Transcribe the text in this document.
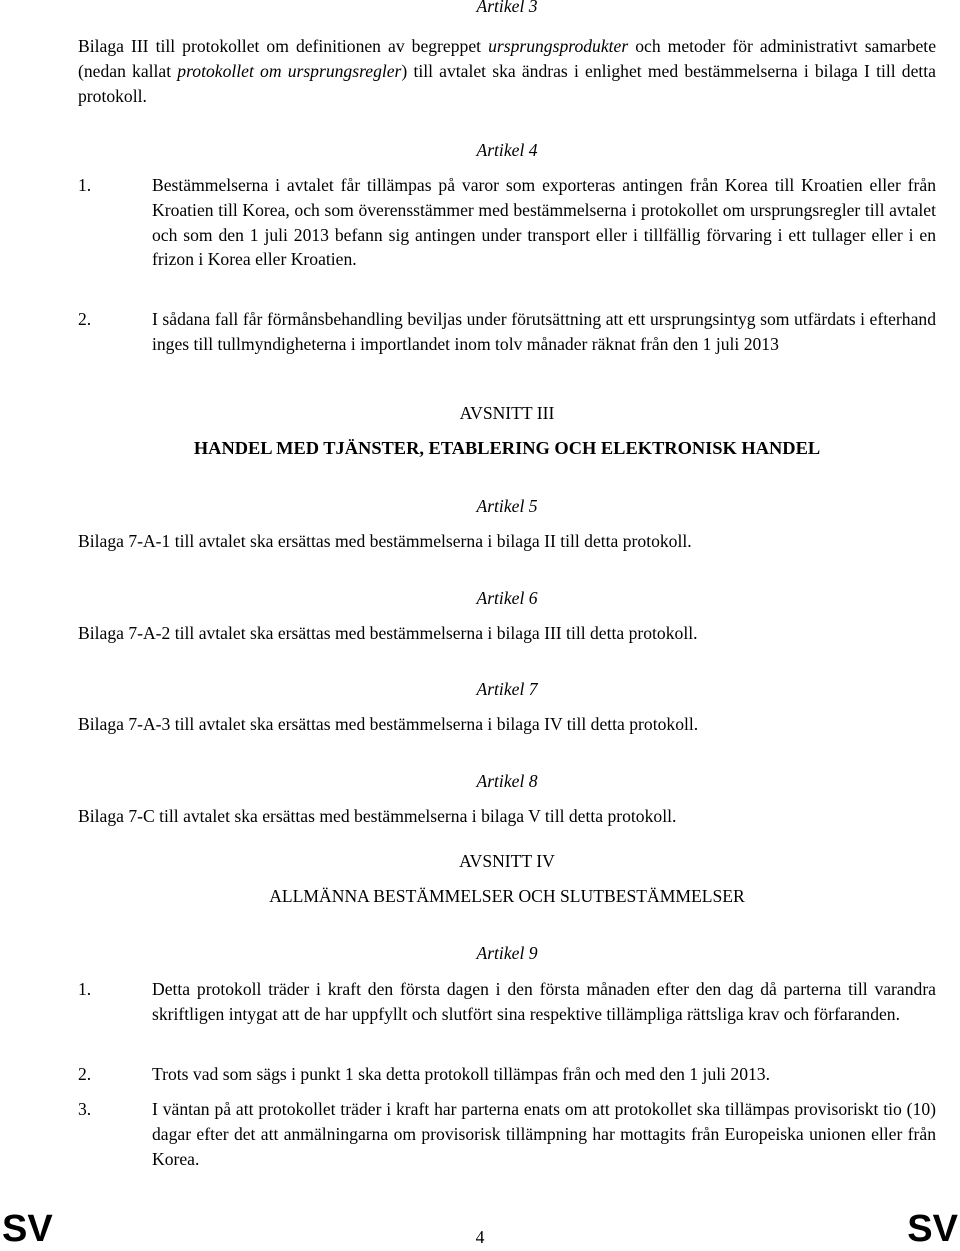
Artikel 3

Bilaga III till protokollet om definitionen av begreppet ursprungsprodukter och metoder för administrativt samarbete (nedan kallat protokollet om ursprungsregler) till avtalet ska ändras i enlighet med bestämmelserna i bilaga I till detta protokoll.

Artikel 4

1.	Bestämmelserna i avtalet får tillämpas på varor som exporteras antingen från Korea till Kroatien eller från Kroatien till Korea, och som överensstämmer med bestämmelserna i protokollet om ursprungsregler till avtalet och som den 1 juli 2013 befann sig antingen under transport eller i tillfällig förvaring i ett tullager eller i en frizon i Korea eller Kroatien.

2.	I sådana fall får förmånsbehandling beviljas under förutsättning att ett ursprungsintyg som utfärdats i efterhand inges till tullmyndigheterna i importlandet inom tolv månader räknat från den 1 juli 2013

AVSNITT III

HANDEL MED TJÄNSTER, ETABLERING OCH ELEKTRONISK HANDEL

Artikel 5

Bilaga 7-A-1 till avtalet ska ersättas med bestämmelserna i bilaga II till detta protokoll.

Artikel 6

Bilaga 7-A-2 till avtalet ska ersättas med bestämmelserna i bilaga III till detta protokoll.

Artikel 7

Bilaga 7-A-3 till avtalet ska ersättas med bestämmelserna i bilaga IV till detta protokoll.

Artikel 8

Bilaga 7-C till avtalet ska ersättas med bestämmelserna i bilaga V till detta protokoll.

AVSNITT IV

ALLMÄNNA BESTÄMMELSER OCH SLUTBESTÄMMELSER

Artikel 9

1.	Detta protokoll träder i kraft den första dagen i den första månaden efter den dag då parterna till varandra skriftligen intygat att de har uppfyllt och slutfört sina respektive tillämpliga rättsliga krav och förfaranden.

2.	Trots vad som sägs i punkt 1 ska detta protokoll tillämpas från och med den 1 juli 2013.

3.	I väntan på att protokollet träder i kraft har parterna enats om att protokollet ska tillämpas provisoriskt tio (10) dagar efter det att anmälningarna om provisorisk tillämpning har mottagits från Europeiska unionen eller från Korea.

SV	4	SV
